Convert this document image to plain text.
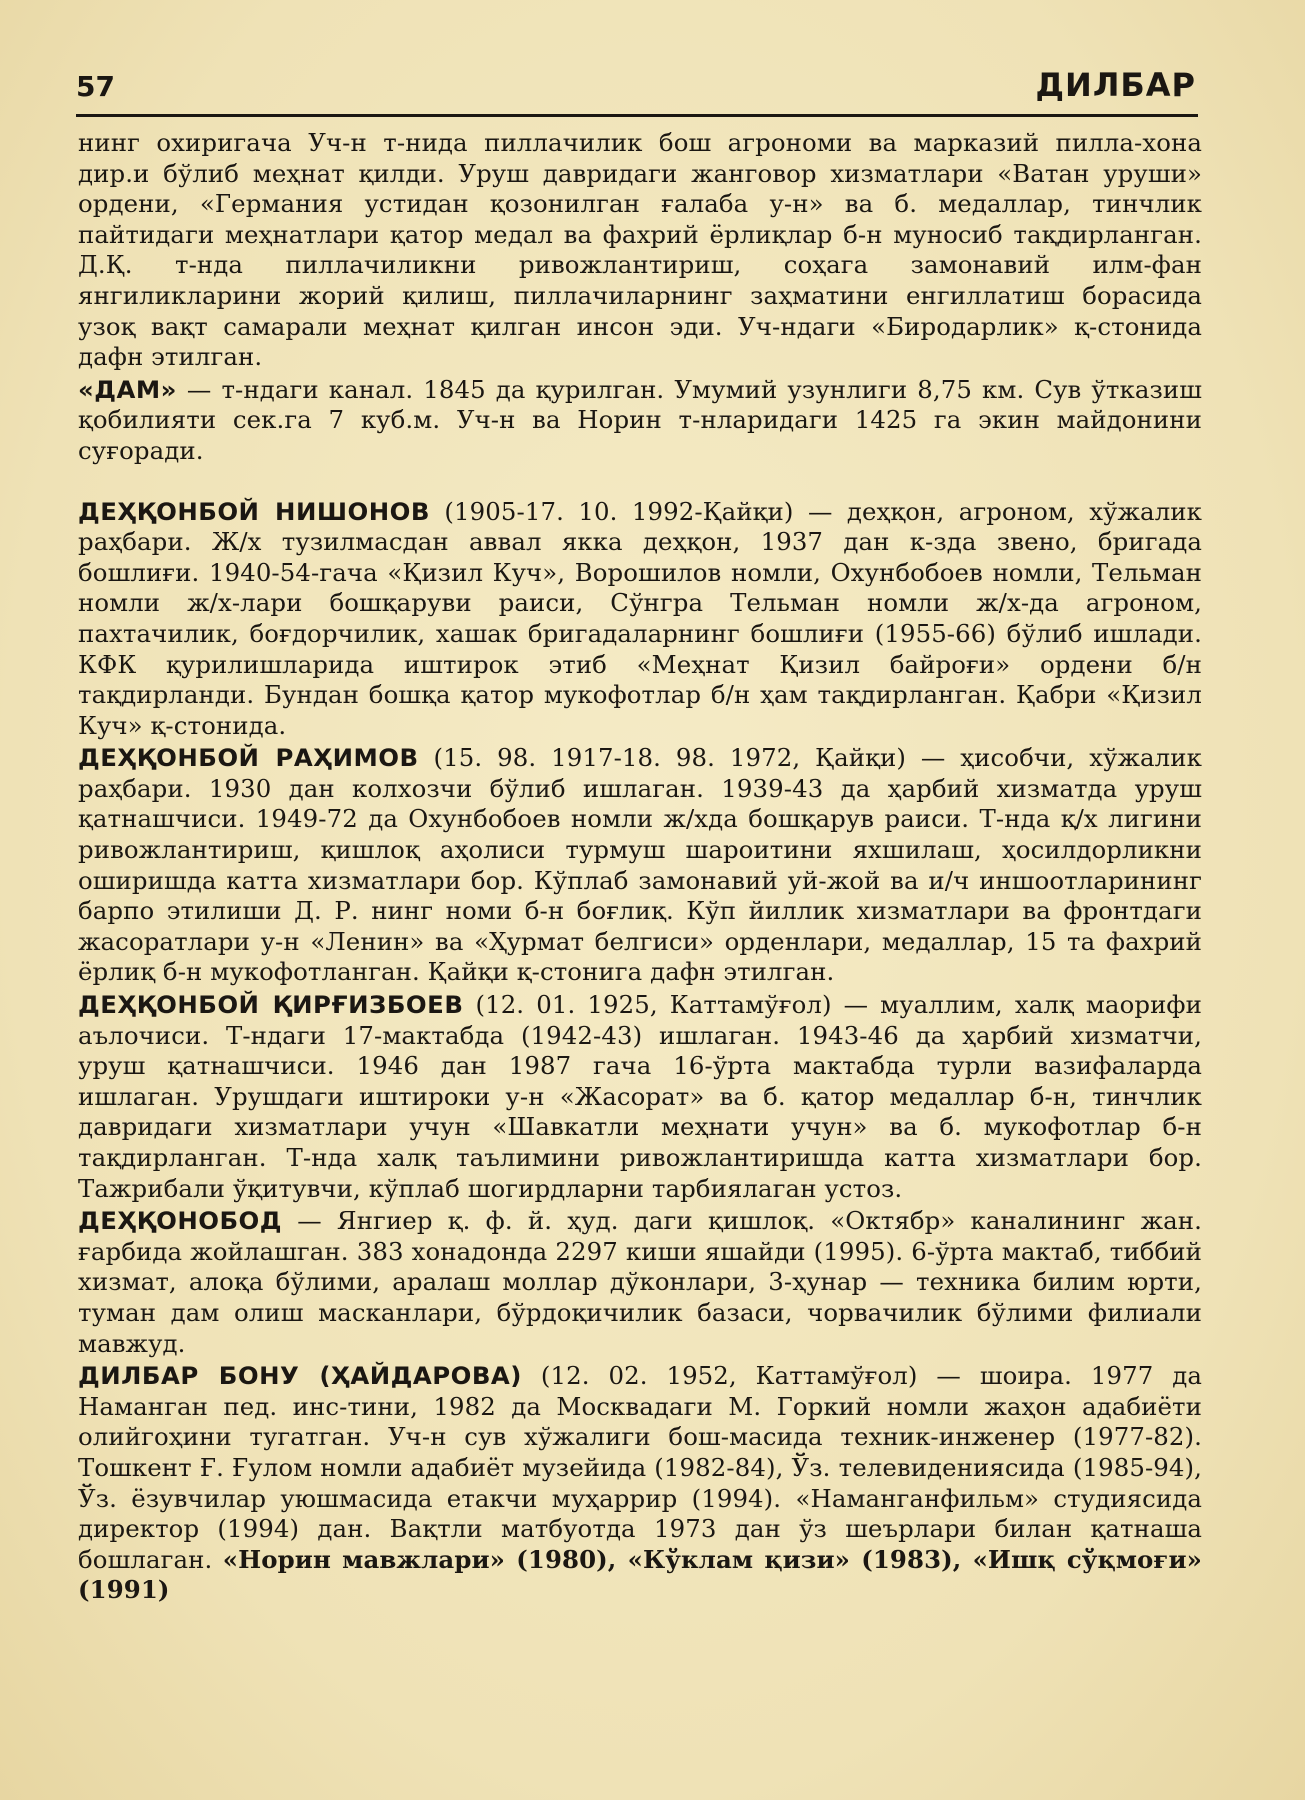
57	ДИЛБАР

нинг охиригача Уч-н т-нида пиллачилик бош агрономи ва марказий пилла-хона дир.и бўлиб меҳнат қилди. Уруш давридаги жанговор хизматлари «Ватан уруши» ордени, «Германия устидан қозонилган ғалаба у-н» ва б. медаллар, тинчлик пайтидаги меҳнатлари қатор медал ва фахрий ёрлиқлар б-н муносиб тақдирланган. Д.Қ. т-нда пиллачиликни ривожлантириш, соҳага замонавий илм-фан янгиликларини жорий қилиш, пиллачиларнинг заҳматини енгиллатиш борасида узоқ вақт самарали меҳнат қилган инсон эди. Уч-ндаги «Биродарлик» қ-стонида дафн этилган.

«ДАМ» — т-ндаги канал. 1845 да қурилган. Умумий узунлиги 8,75 км. Сув ўтказиш қобилияти сек.га 7 куб.м. Уч-н ва Норин т-нларидаги 1425 га экин майдонини суғоради.

ДЕҲҚОНБОЙ НИШОНОВ (1905-17. 10. 1992-Қайқи) — деҳқон, агроном, хўжалик раҳбари. Ж/х тузилмасдан аввал якка деҳқон, 1937 дан к-зда звено, бригада бошлиғи. 1940-54-гача «Қизил Куч», Ворошилов номли, Охунбобоев номли, Тельман номли ж/х-лари бошқаруви раиси, Сўнгра Тельман номли ж/х-да агроном, пахтачилик, боғдорчилик, хашак бригадаларнинг бошлиғи (1955-66) бўлиб ишлади. КФК қурилишларида иштирок этиб «Меҳнат Қизил байроғи» ордени б/н тақдирланди. Бундан бошқа қатор мукофотлар б/н ҳам тақдирланган. Қабри «Қизил Куч» қ-стонида.

ДЕҲҚОНБОЙ РАҲИМОВ (15. 98. 1917-18. 98. 1972, Қайқи) — ҳисобчи, хўжалик раҳбари. 1930 дан колхозчи бўлиб ишлаган. 1939-43 да ҳарбий хизматда уруш қатнашчиси. 1949-72 да Охунбобоев номли ж/хда бошқарув раиси. Т-нда қ/х лигини ривожлантириш, қишлоқ аҳолиси турмуш шароитини яхшилаш, ҳосилдорликни оширишда катта хизматлари бор. Кўплаб замонавий уй-жой ва и/ч иншоотларининг барпо этилиши Д. Р. нинг номи б-н боғлиқ. Кўп йиллик хизматлари ва фронтдаги жасоратлари у-н «Ленин» ва «Ҳурмат белгиси» орденлари, медаллар, 15 та фахрий ёрлиқ б-н мукофотланган. Қайқи қ-стонига дафн этилган.

ДЕҲҚОНБОЙ ҚИРҒИЗБОЕВ (12. 01. 1925, Каттамўғол) — муаллим, халқ маорифи аълочиси. Т-ндаги 17-мактабда (1942-43) ишлаган. 1943-46 да ҳарбий хизматчи, уруш қатнашчиси. 1946 дан 1987 гача 16-ўрта мактабда турли вазифаларда ишлаган. Урушдаги иштироки у-н «Жасорат» ва б. қатор медаллар б-н, тинчлик давридаги хизматлари учун «Шавкатли меҳнати учун» ва б. мукофотлар б-н тақдирланган. Т-нда халқ таълимини ривожлантиришда катта хизматлари бор. Тажрибали ўқитувчи, кўплаб шогирдларни тарбиялаган устоз.

ДЕҲҚОНОБОД — Янгиер қ. ф. й. ҳуд. даги қишлоқ. «Октябр» каналининг жан. ғарбида жойлашган. 383 хонадонда 2297 киши яшайди (1995). 6-ўрта мактаб, тиббий хизмат, алоқа бўлими, аралаш моллар дўконлари, 3-ҳунар — техника билим юрти, туман дам олиш масканлари, бўрдоқичилик базаси, чорвачилик бўлими филиали мавжуд.

ДИЛБАР БОНУ (ҲАЙДАРОВА) (12. 02. 1952, Каттамўғол) — шоира. 1977 да Наманган пед. инс-тини, 1982 да Москвадаги М. Горкий номли жаҳон адабиёти олийгоҳини тугатган. Уч-н сув хўжалиги бош-масида техник-инженер (1977-82). Тошкент Ғ. Ғулом номли адабиёт музейида (1982-84), Ўз. телевидениясида (1985-94), Ўз. ёзувчилар уюшмасида етакчи муҳаррир (1994). «Наманганфильм» студиясида директор (1994) дан. Вақтли матбуотда 1973 дан ўз шеърлари билан қатнаша бошлаган. «Норин мавжлари» (1980), «Кўклам қизи» (1983), «Ишқ сўқмоғи» (1991)
